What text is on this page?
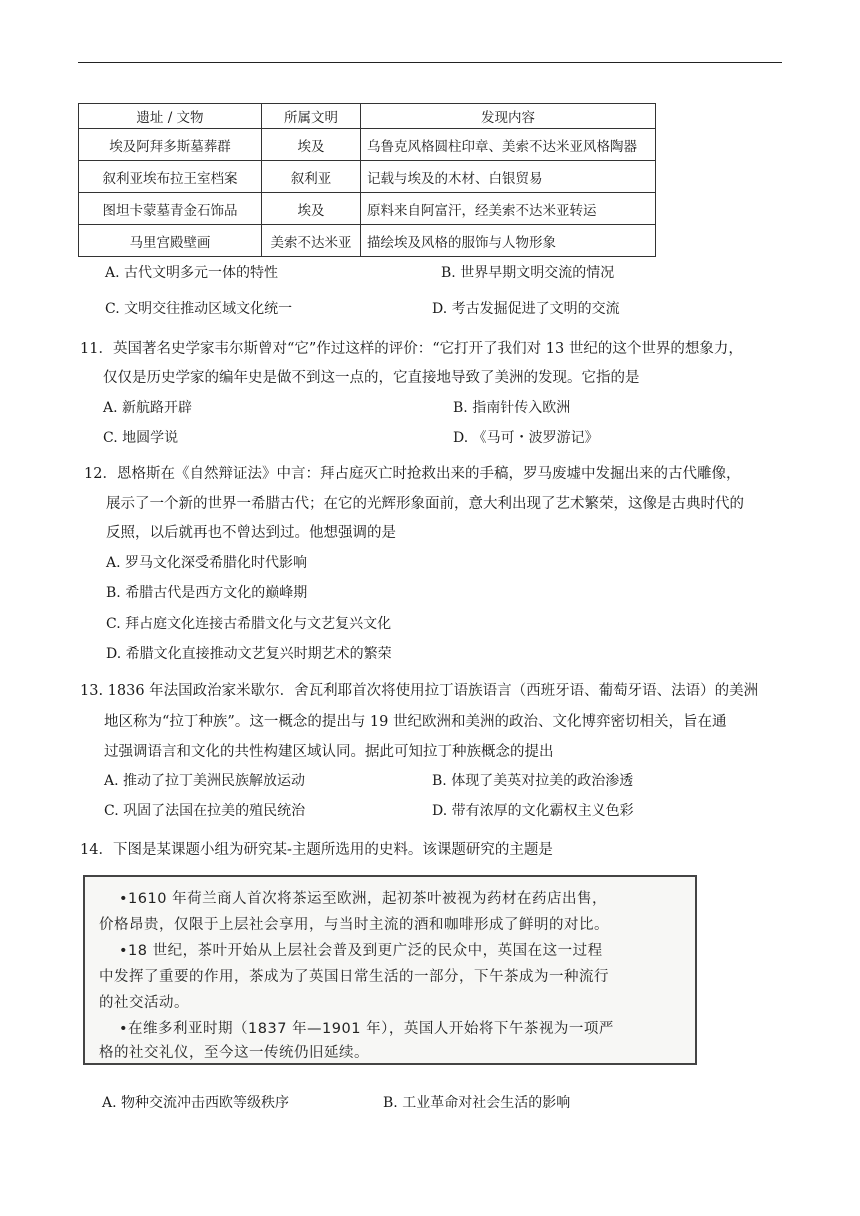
遗址 / 文物	所属文明	发现内容
埃及阿拜多斯墓葬群	埃及	乌鲁克风格圆柱印章、美索不达米亚风格陶器
叙利亚埃布拉王室档案	叙利亚	记载与埃及的木材、白银贸易
图坦卡蒙墓青金石饰品	埃及	原料来自阿富汗，经美索不达米亚转运
马里宫殿壁画	美索不达米亚	描绘埃及风格的服饰与人物形象
A. 古代文明多元一体的特性	B. 世界早期文明交流的情况
C. 文明交往推动区域文化统一	D. 考古发掘促进了文明的交流
11．英国著名史学家韦尔斯曾对“它”作过这样的评价：“它打开了我们对 13 世纪的这个世界的想象力，
仅仅是历史学家的编年史是做不到这一点的，它直接地导致了美洲的发现。它指的是
A. 新航路开辟	B. 指南针传入欧洲
C. 地圆学说	D. 《马可・波罗游记》
12．恩格斯在《自然辩证法》中言：拜占庭灭亡时抢救出来的手稿，罗马废墟中发掘出来的古代雕像，
展示了一个新的世界一希腊古代；在它的光辉形象面前，意大利出现了艺术繁荣，这像是古典时代的
反照，以后就再也不曾达到过。他想强调的是
A. 罗马文化深受希腊化时代影响
B. 希腊古代是西方文化的巅峰期
C. 拜占庭文化连接古希腊文化与文艺复兴文化
D. 希腊文化直接推动文艺复兴时期艺术的繁荣
13. 1836 年法国政治家米歇尔．舍瓦利耶首次将使用拉丁语族语言（西班牙语、葡萄牙语、法语）的美洲
地区称为“拉丁种族”。这一概念的提出与 19 世纪欧洲和美洲的政治、文化博弈密切相关，旨在通
过强调语言和文化的共性构建区域认同。据此可知拉丁种族概念的提出
A. 推动了拉丁美洲民族解放运动	B. 体现了美英对拉美的政治渗透
C. 巩固了法国在拉美的殖民统治	D. 带有浓厚的文化霸权主义色彩
14．下图是某课题小组为研究某-主题所选用的史料。该课题研究的主题是
•1610 年荷兰商人首次将茶运至欧洲，起初茶叶被视为药材在药店出售，
价格昂贵，仅限于上层社会享用，与当时主流的酒和咖啡形成了鲜明的对比。
•18 世纪，茶叶开始从上层社会普及到更广泛的民众中，英国在这一过程
中发挥了重要的作用，茶成为了英国日常生活的一部分，下午茶成为一种流行
的社交活动。
•在维多利亚时期（1837 年—1901 年），英国人开始将下午茶视为一项严
格的社交礼仪，至今这一传统仍旧延续。
A. 物种交流冲击西欧等级秩序	B. 工业革命对社会生活的影响
